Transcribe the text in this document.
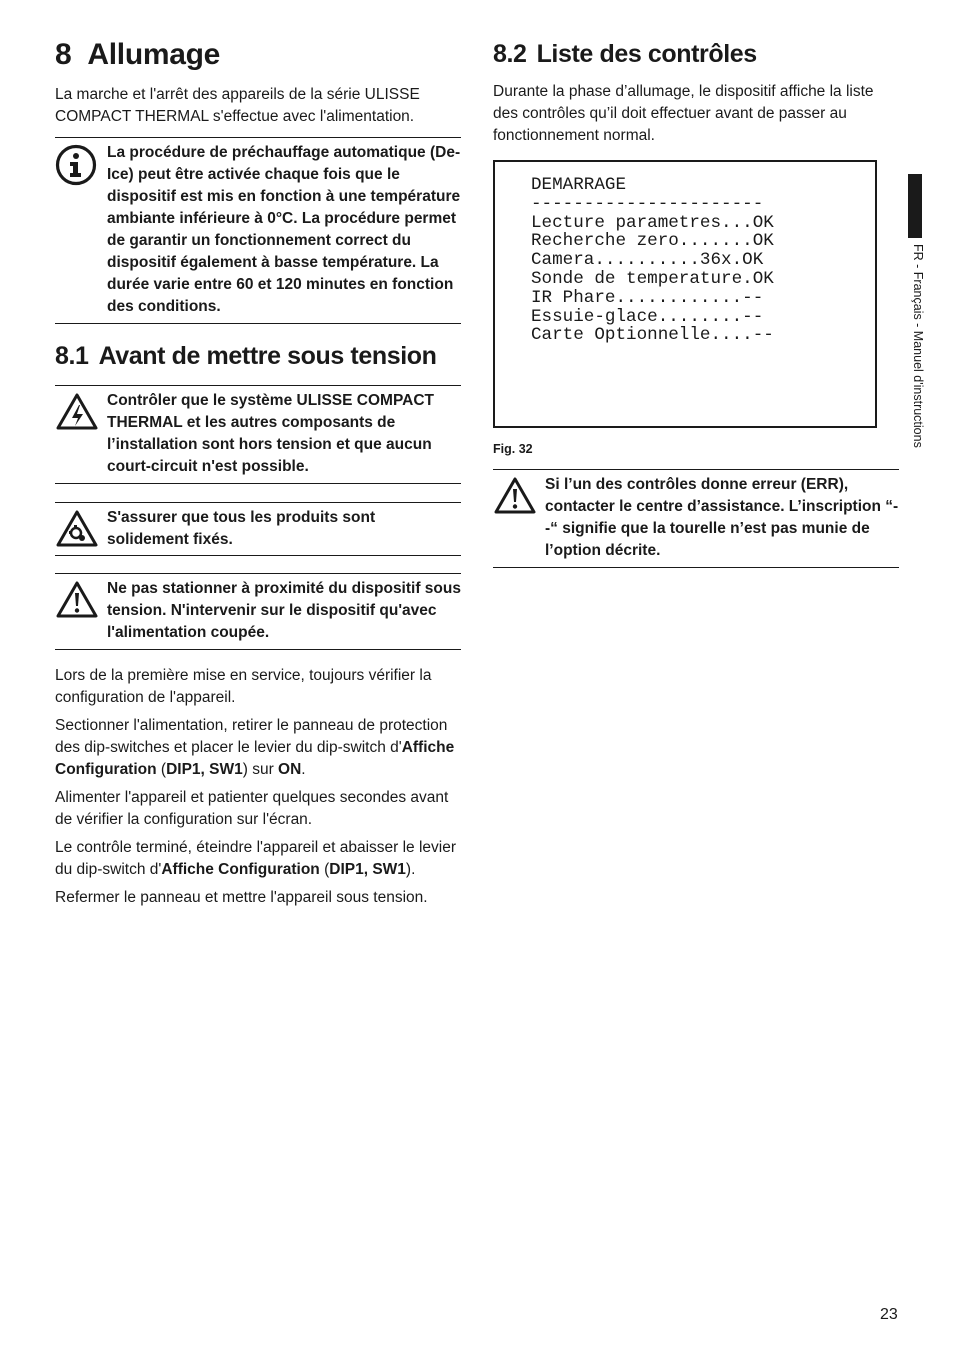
FR - Français - Manuel d'instructions
8 Allumage

La marche et l'arrêt des appareils de la série ULISSE COMPACT THERMAL s'effectue avec l'alimentation.

La procédure de préchauffage automatique (De-Ice) peut être activée chaque fois que le dispositif est mis en fonction à une température ambiante inférieure à 0°C. La procédure permet de garantir un fonctionnement correct du dispositif également à basse température. La durée varie entre 60 et 120 minutes en fonction des conditions.
8.1 Avant de mettre sous tension
Contrôler que le système ULISSE COMPACT THERMAL et les autres composants de l’installation sont hors tension et que aucun court-circuit n'est possible.
S'assurer que tous les produits sont solidement fixés.
Ne pas stationner à proximité du dispositif sous tension. N'intervenir sur le dispositif qu'avec l'alimentation coupée.

Lors de la première mise en service, toujours vérifier la configuration de l'appareil.

Sectionner l'alimentation, retirer le panneau de protection des dip-switches et placer le levier du dip-switch d'Affiche Configuration (DIP1, SW1) sur ON.

Alimenter l'appareil et patienter quelques secondes avant de vérifier la configuration sur l'écran.

Le contrôle terminé, éteindre l'appareil et abaisser le levier du dip-switch d'Affiche Configuration (DIP1, SW1).

Refermer le panneau et mettre l'appareil sous tension.

8.2 Liste des contrôles

Durante la phase d’allumage, le dispositif affiche la liste des contrôles qu’il doit effectuer avant de passer au fonctionnement normal.

DEMARRAGE
----------------------
Lecture parametres...OK
Recherche zero.......OK
Camera..........36x.OK
Sonde de temperature.OK
IR Phare............--
Essuie-glace........--
Carte Optionnelle....--
Fig. 32
Si l’un des contrôles donne erreur (ERR), contacter le centre d’assistance. L’inscription “- -“ signifie que la tourelle n’est pas munie de l’option décrite.
23
